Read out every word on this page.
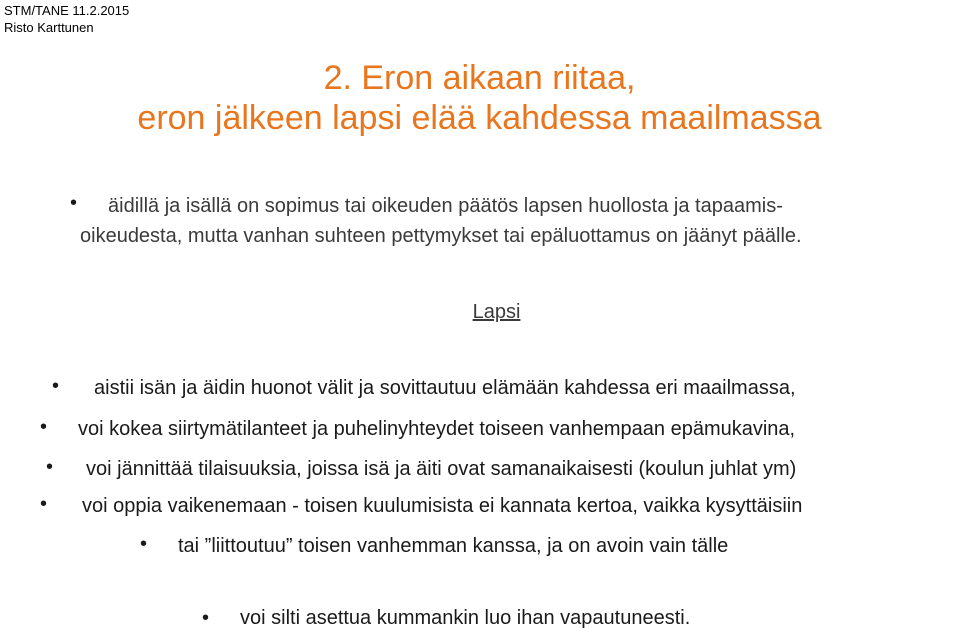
STM/TANE 11.2.2015
Risto Karttunen
2. Eron aikaan riitaa,
eron jälkeen lapsi elää kahdessa maailmassa
• äidillä ja isällä on sopimus tai oikeuden päätös lapsen huollosta ja tapaamis-
oikeudesta, mutta vanhan suhteen pettymykset tai epäluottamus on jäänyt päälle.
Lapsi
• aistii isän ja äidin huonot välit ja sovittautuu elämään kahdessa eri maailmassa,
• voi kokea siirtymätilanteet ja puhelinyhteydet toiseen vanhempaan epämukavina,
• voi jännittää tilaisuuksia, joissa isä ja äiti ovat samanaikaisesti (koulun juhlat ym)
• voi oppia vaikenemaan - toisen kuulumisista ei kannata kertoa, vaikka kysyttäisiin
• tai ”liittoutuu” toisen vanhemman kanssa, ja on avoin vain tälle
• voi silti asettua kummankin luo ihan vapautuneesti.
